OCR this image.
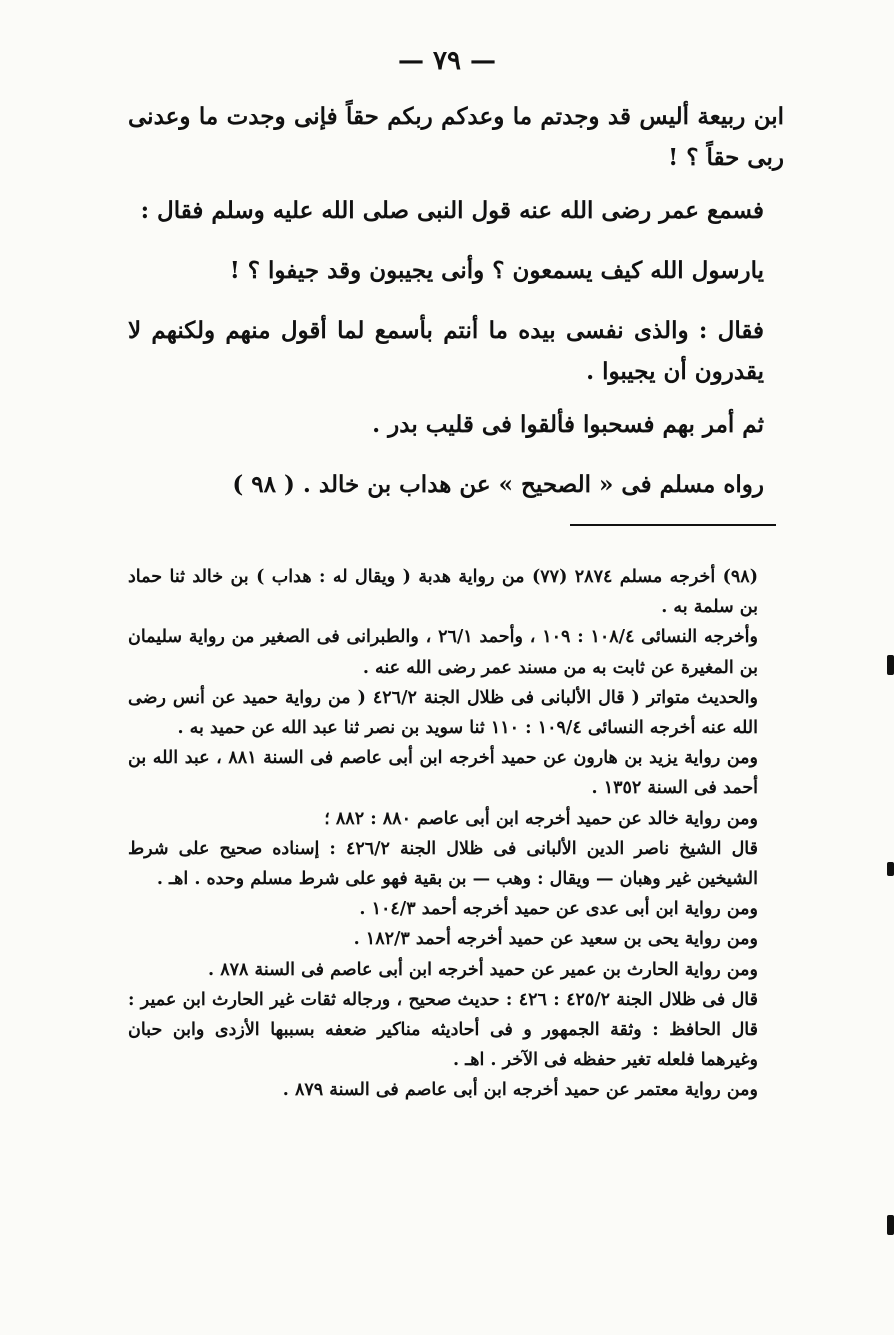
— ٧٩ —

ابن ربيعة أليس قد وجدتم ما وعدكم ربكم حقاً فإنى وجدت ما وعدنى ربى حقاً ؟ !

فسمع عمر رضى الله عنه قول النبى صلى الله عليه وسلم فقال :

يارسول الله كيف يسمعون ؟ وأنى يجيبون وقد جيفوا ؟ !

فقال : والذى نفسى بيده ما أنتم بأسمع لما أقول منهم ولكنهم لا يقدرون أن يجيبوا .

ثم أمر بهم فسحبوا فألقوا فى قليب بدر .

رواه مسلم فى « الصحيح » عن هداب بن خالد . ( ٩٨ )

(٩٨) أخرجه مسلم ٢٨٧٤ (٧٧) من رواية هدبة ( ويقال له : هداب ) بن خالد ثنا حماد بن سلمة به .

وأخرجه النسائى ١٠٨/٤ : ١٠٩ ، وأحمد ٢٦/١ ، والطبرانى فى الصغير من رواية سليمان بن المغيرة عن ثابت به من مسند عمر رضى الله عنه .

والحديث متواتر ( قال الألبانى فى ظلال الجنة ٤٢٦/٢ ( من رواية حميد عن أنس رضى الله عنه أخرجه النسائى ١٠٩/٤ : ١١٠ ثنا سويد بن نصر ثنا عبد الله عن حميد به .

ومن رواية يزيد بن هارون عن حميد أخرجه ابن أبى عاصم فى السنة ٨٨١ ، عبد الله بن أحمد فى السنة ١٣٥٢ .

ومن رواية خالد عن حميد أخرجه ابن أبى عاصم ٨٨٠ : ٨٨٢ ؛

قال الشيخ ناصر الدين الألبانى فى ظلال الجنة ٤٢٦/٢ : إسناده صحيح على شرط الشيخين غير وهبان — ويقال : وهب — بن بقية فهو على شرط مسلم وحده . اهـ .

ومن رواية ابن أبى عدى عن حميد أخرجه أحمد ١٠٤/٣ .

ومن رواية يحى بن سعيد عن حميد أخرجه أحمد ١٨٢/٣ .

ومن رواية الحارث بن عمير عن حميد أخرجه ابن أبى عاصم فى السنة ٨٧٨ .

قال فى ظلال الجنة ٤٢٥/٢ : ٤٢٦ : حديث صحيح ، ورجاله ثقات غير الحارث ابن عمير : قال الحافظ : وثقة الجمهور و فى أحاديثه مناكير ضعفه بسببها الأزدى وابن حبان وغيرهما فلعله تغير حفظه فى الآخر . اهـ .

ومن رواية معتمر عن حميد أخرجه ابن أبى عاصم فى السنة ٨٧٩ .
